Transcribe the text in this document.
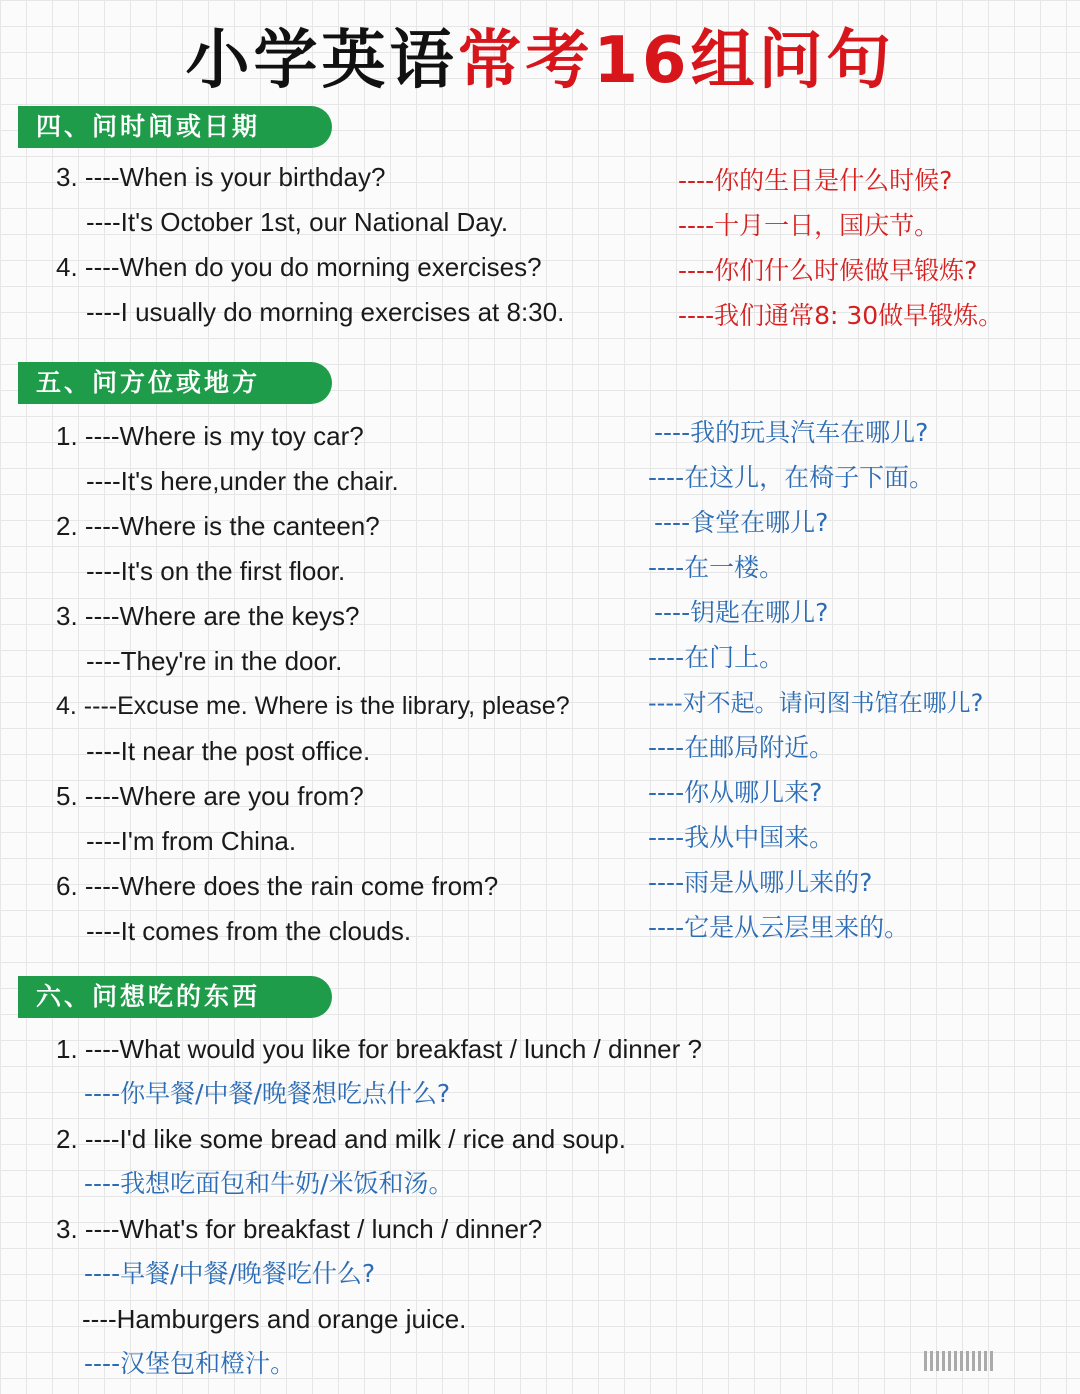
小学英语常考16组问句
四、问时间或日期
3. ----When is your birthday?	----你的生日是什么时候?
----It's October 1st, our National Day.	----十月一日，国庆节。
4. ----When do you do morning exercises?	----你们什么时候做早锻炼?
----I usually do morning exercises at 8:30.	----我们通常8: 30做早锻炼。
五、问方位或地方
1. ----Where is my toy car?	----我的玩具汽车在哪儿?
----It's here,under the chair.	----在这儿，在椅子下面。
2. ----Where is the canteen?	----食堂在哪儿?
----It's on the first floor.	----在一楼。
3. ----Where are the keys?	----钥匙在哪儿?
----They're in the door.	----在门上。
4. ----Excuse me. Where is the library, please?	----对不起。请问图书馆在哪儿?
----It near the post office.	----在邮局附近。
5. ----Where are you from?	----你从哪儿来?
----I'm from China.	----我从中国来。
6. ----Where does the rain come from?	----雨是从哪儿来的?
----It comes from the clouds.	----它是从云层里来的。
六、问想吃的东西
1. ----What would you like for breakfast / lunch / dinner ?
----你早餐/中餐/晚餐想吃点什么?
2. ----I'd like some bread and milk / rice and soup.
----我想吃面包和牛奶/米饭和汤。
3. ----What's for breakfast / lunch / dinner?
----早餐/中餐/晚餐吃什么?
----Hamburgers and orange juice.
----汉堡包和橙汁。
